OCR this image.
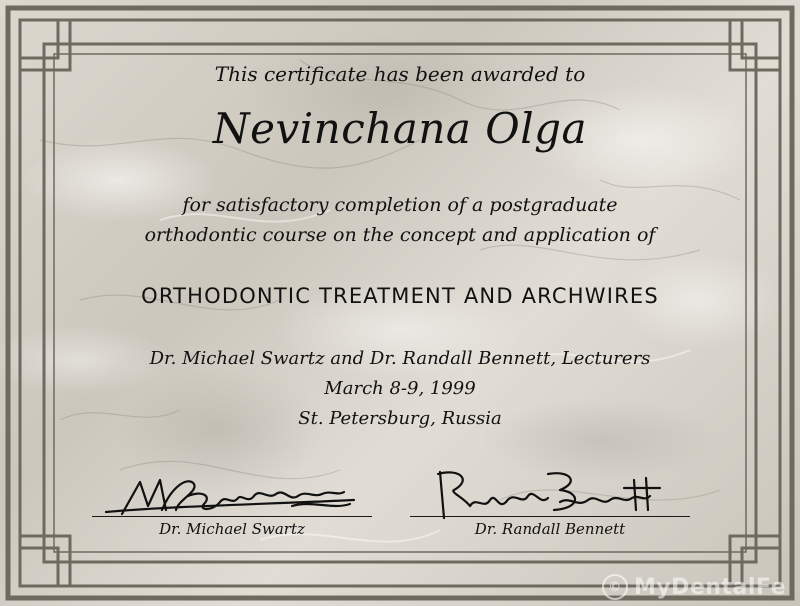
This certificate has been awarded to
Nevinchana Olga
for satisfactory completion of a postgraduate
orthodontic course on the concept and application of
ORTHODONTIC TREATMENT AND ARCHWIRES
Dr. Michael Swartz and Dr. Randall Bennett, Lecturers
March 8-9, 1999
St. Petersburg, Russia
Dr. Michael Swartz	Dr. Randall Bennett
© MyDentalFe
